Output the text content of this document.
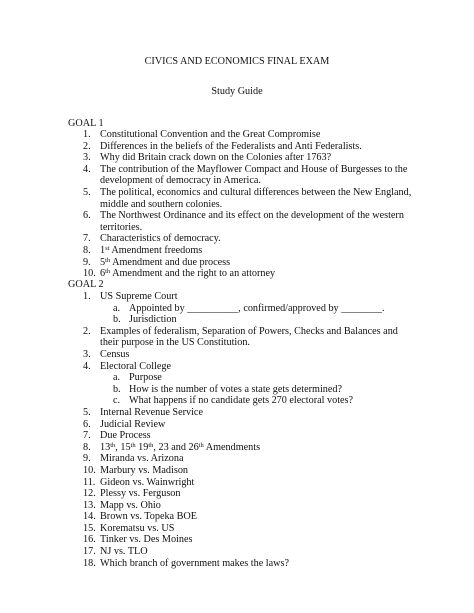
CIVICS AND ECONOMICS FINAL EXAM
Study Guide
GOAL 1
1. Constitutional Convention and the Great Compromise
2. Differences in the beliefs of the Federalists and Anti Federalists.
3. Why did Britain crack down on the Colonies after 1763?
4. The contribution of the Mayflower Compact and House of Burgesses to the development of democracy in America.
5. The political, economics and cultural differences between the New England, middle and southern colonies.
6. The Northwest Ordinance and its effect on the development of the western territories.
7. Characteristics of democracy.
8. 1st Amendment freedoms
9. 5th Amendment and due process
10. 6th Amendment and the right to an attorney
GOAL 2
1. US Supreme Court
a. Appointed by __________, confirmed/approved by ________.
b. Jurisdiction
2. Examples of federalism, Separation of Powers, Checks and Balances and their purpose in the US Constitution.
3. Census
4. Electoral College
a. Purpose
b. How is the number of votes a state gets determined?
c. What happens if no candidate gets 270 electoral votes?
5. Internal Revenue Service
6. Judicial Review
7. Due Process
8. 13th, 15th 19th, 23 and 26th Amendments
9. Miranda vs. Arizona
10. Marbury vs. Madison
11. Gideon vs. Wainwright
12. Plessy vs. Ferguson
13. Mapp vs. Ohio
14. Brown vs. Topeka BOE
15. Korematsu vs. US
16. Tinker vs. Des Moines
17. NJ vs. TLO
18. Which branch of government makes the laws?
